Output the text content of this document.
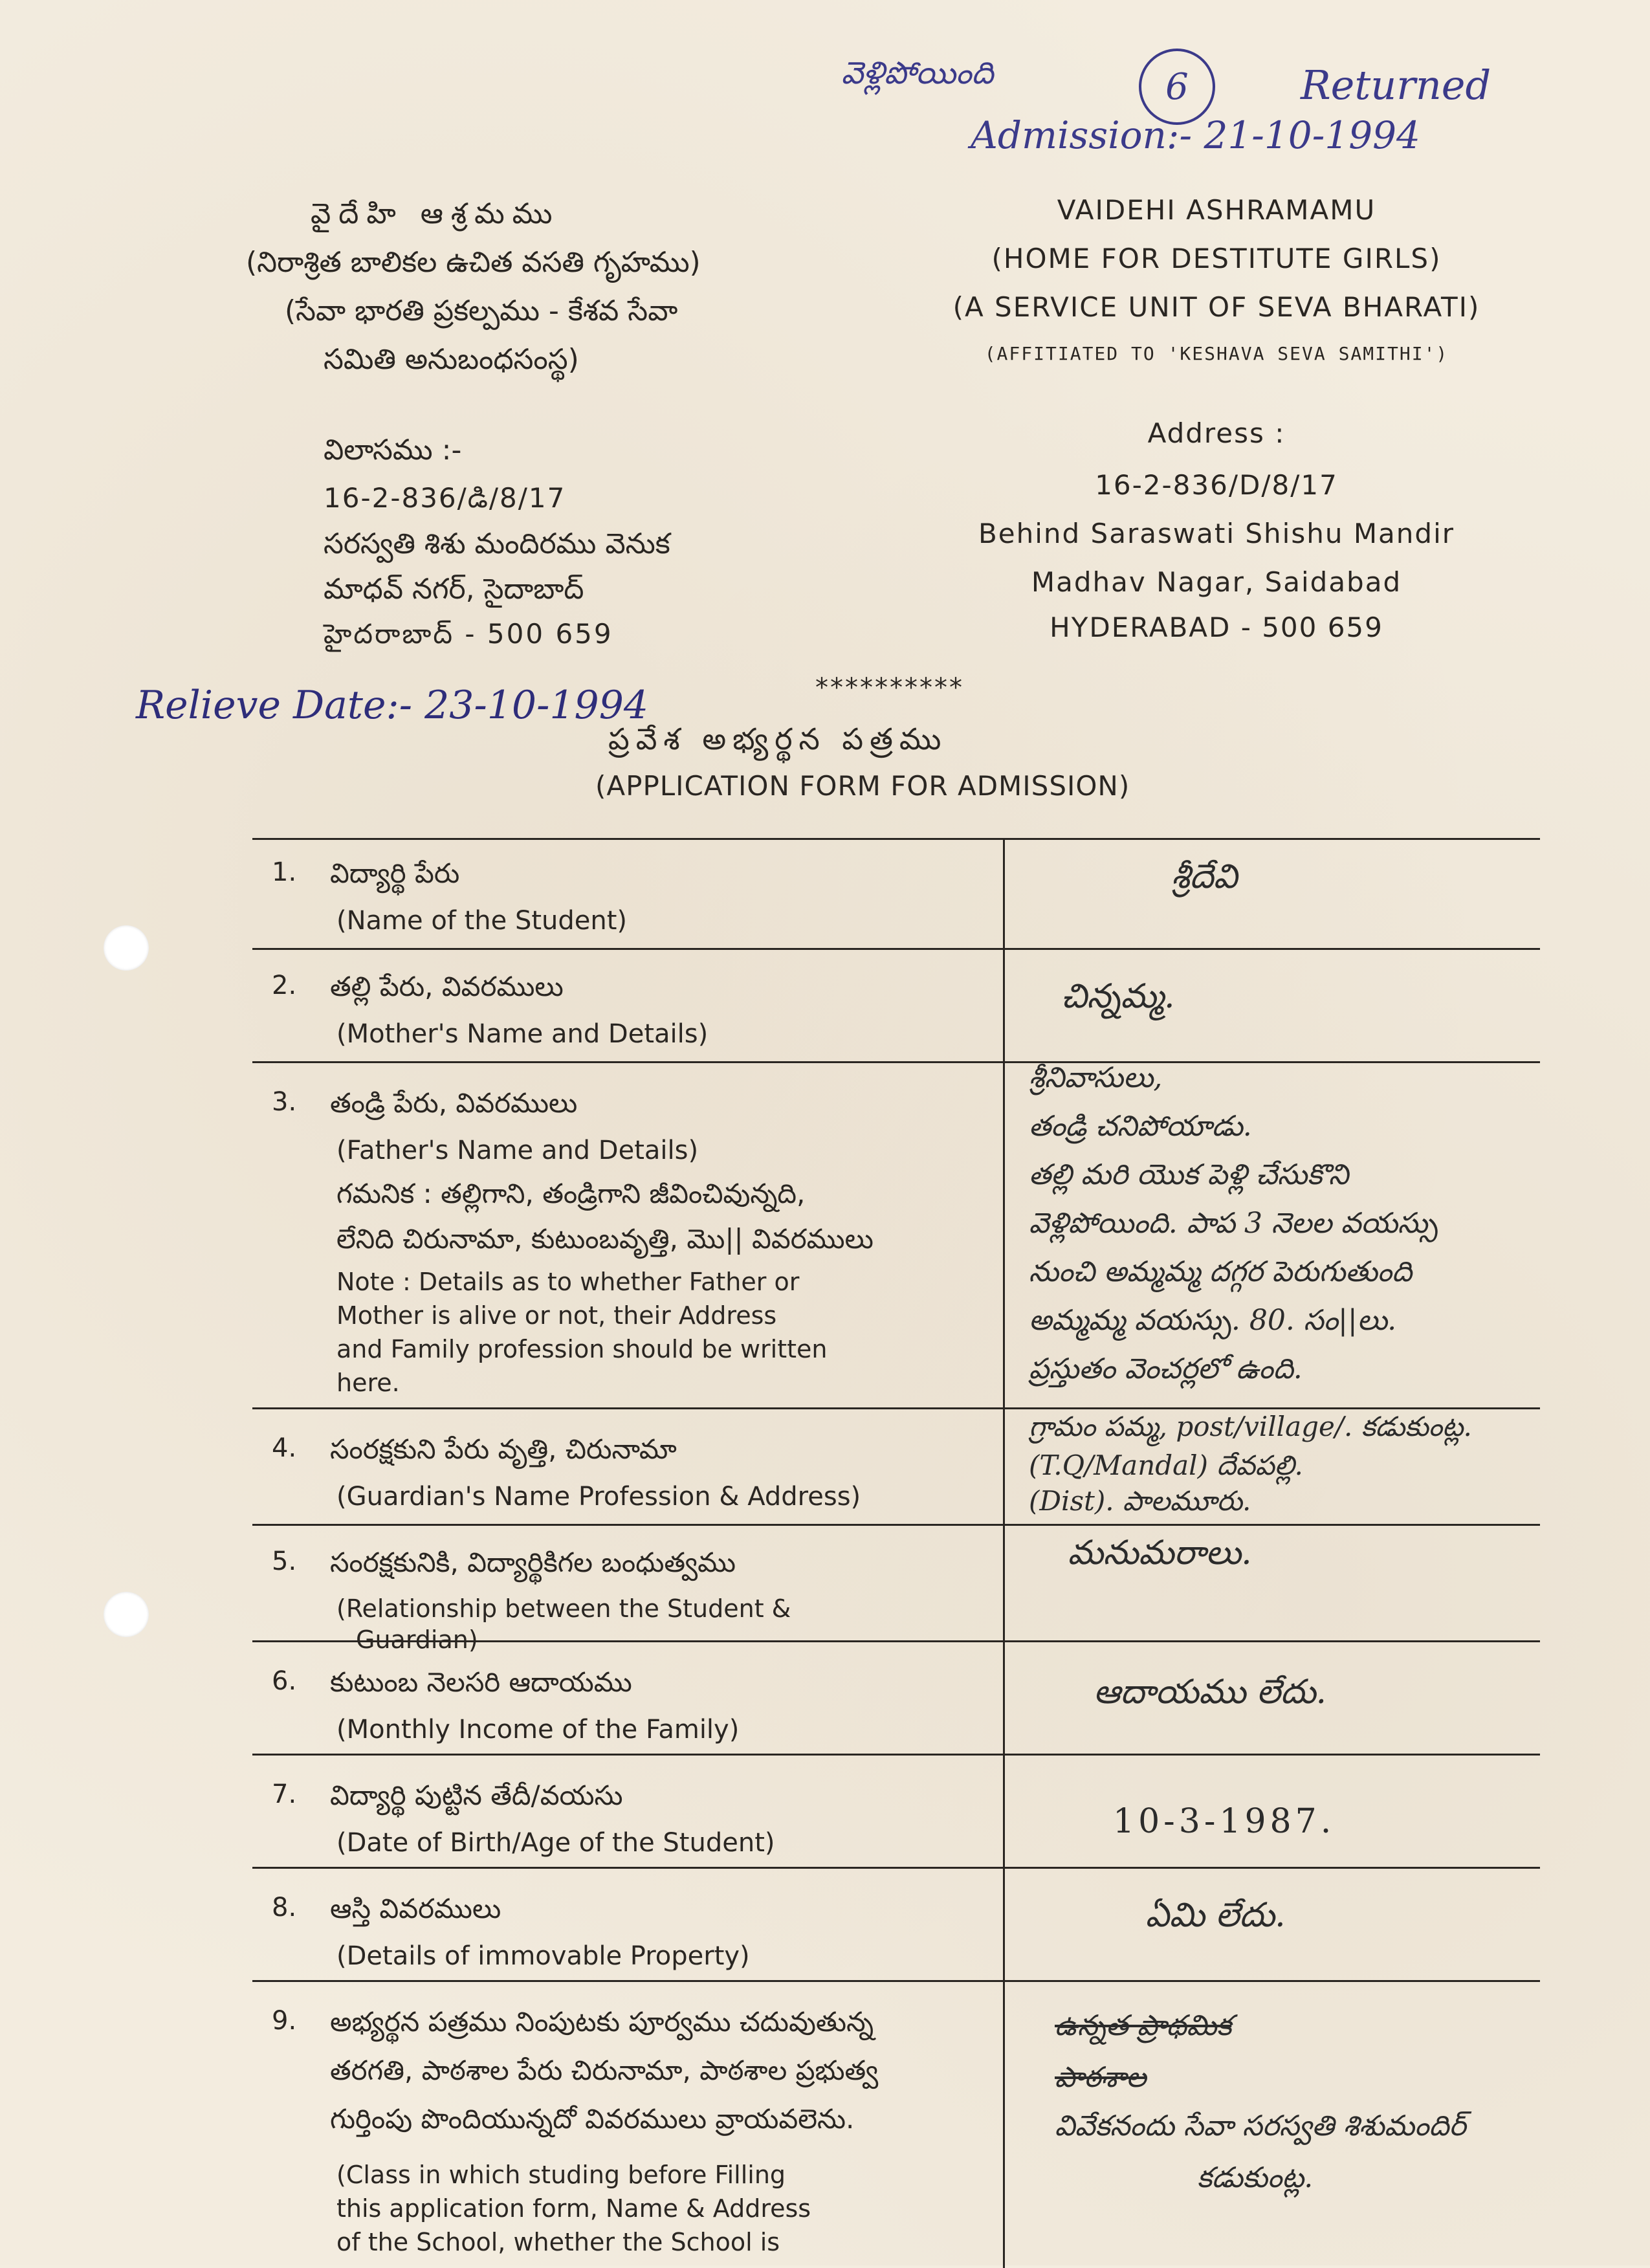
వెళ్లిపోయింది	6	Returned
Admission:- 21-10-1994
వైదేహి ఆశ్రమము
(నిరాశ్రిత బాలికల ఉచిత వసతి గృహము)
(సేవా భారతి ప్రకల్పము - కేశవ సేవా
సమితి అనుబంధసంస్థ)
విలాసము :-
16-2-836/డి/8/17
సరస్వతి శిశు మందిరము వెనుక
మాధవ్ నగర్, సైదాబాద్
హైదరాబాద్ - 500 659
VAIDEHI ASHRAMAMU
(HOME FOR DESTITUTE GIRLS)
(A SERVICE UNIT OF SEVA BHARATI)
(AFFITIATED TO 'KESHAVA SEVA SAMITHI')
Address :
16-2-836/D/8/17
Behind Saraswati Shishu Mandir
Madhav Nagar, Saidabad
HYDERABAD - 500 659
Relieve Date:- 23-10-1994	**********
ప్రవేశ అభ్యర్థన పత్రము
(APPLICATION FORM FOR ADMISSION)
1. విద్యార్థి పేరు
(Name of the Student)
శ్రీదేవి
2. తల్లి పేరు, వివరములు
(Mother's Name and Details)
చిన్నమ్మ.
3. తండ్రి పేరు, వివరములు
(Father's Name and Details)
గమనిక : తల్లిగాని, తండ్రిగాని జీవించివున్నది,
లేనిది చిరునామా, కుటుంబవృత్తి, మొ|| వివరములు
Note : Details as to whether Father or
Mother is alive or not, their Address
and Family profession should be written
here.
శ్రీనివాసులు,
తండ్రి చనిపోయాడు.
తల్లి మరి యొక పెళ్లి చేసుకొని
వెళ్లిపోయింది. పాప 3 నెలల వయస్సు
నుంచి అమ్మమ్మ దగ్గర పెరుగుతుంది
అమ్మమ్మ వయస్సు. 80. సం||లు.
ప్రస్తుతం వెంచర్లలో ఉంది.
4. సంరక్షకుని పేరు వృత్తి, చిరునామా
(Guardian's Name Profession & Address)
గ్రామం పమ్మ, post/village/. కడుకుంట్ల.
(T.Q/Mandal) దేవపల్లి.
(Dist). పాలమూరు.
5. సంరక్షకునికి, విద్యార్థికిగల బంధుత్వము
(Relationship between the Student &
Guardian)
మనుమరాలు.
6. కుటుంబ నెలసరి ఆదాయము
(Monthly Income of the Family)
ఆదాయము లేదు.
7. విద్యార్థి పుట్టిన తేదీ/వయసు
(Date of Birth/Age of the Student)
10-3-1987.
8. ఆస్తి వివరములు
(Details of immovable Property)
ఏమి లేదు.
9. అభ్యర్థన పత్రము నింపుటకు పూర్వము చదువుతున్న
తరగతి, పాఠశాల పేరు చిరునామా, పాఠశాల ప్రభుత్వ
గుర్తింపు పొందియున్నదో వివరములు వ్రాయవలెను.
(Class in which studing before Filling
this application form, Name & Address
of the School, whether the School is
ఉన్నత ప్రాథమిక
పాఠశాల
వివేకనందు సేవా సరస్వతి శిశుమందిర్
కడుకుంట్ల.
